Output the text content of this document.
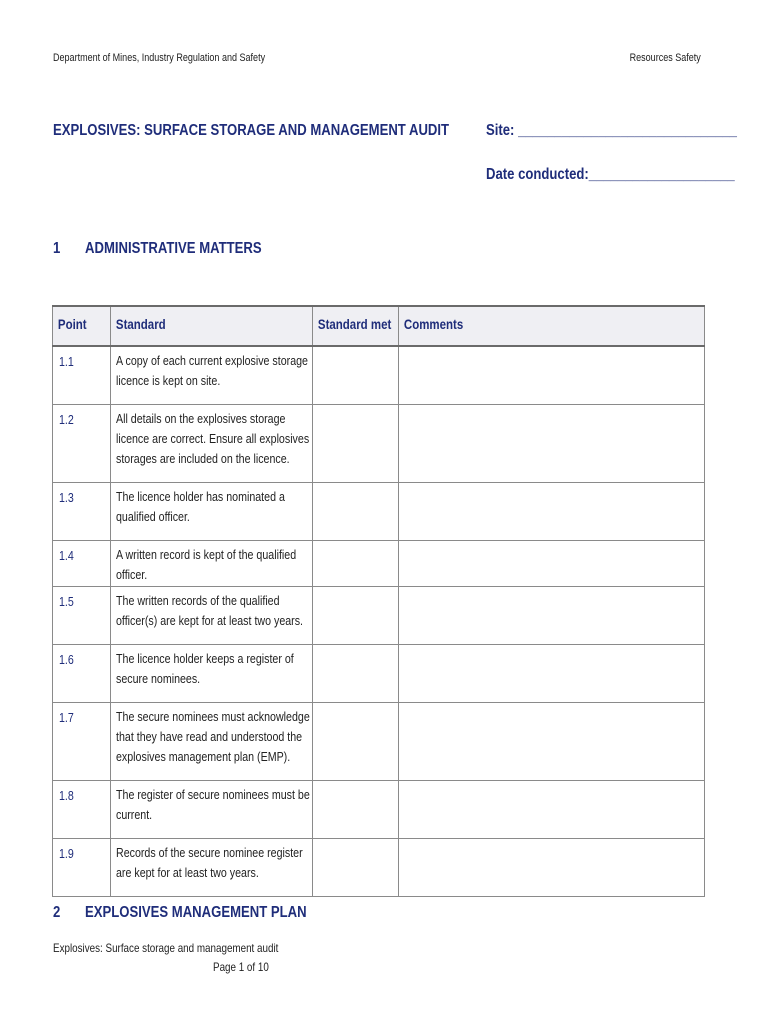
Department of Mines, Industry Regulation and Safety	Resources Safety
EXPLOSIVES: SURFACE STORAGE AND MANAGEMENT AUDIT	Site: ______________________________
Date conducted:____________________
1 ADMINISTRATIVE MATTERS
Point	Standard	Standard met	Comments
1.1	A copy of each current explosive storage licence is kept on site.		

1.2	All details on the explosives storage licence are correct. Ensure all explosives storages are included on the licence.		

1.3	The licence holder has nominated a qualified officer.		

1.4	A written record is kept of the qualified officer.		

1.5	The written records of the qualified officer(s) are kept for at least two years.		

1.6	The licence holder keeps a register of secure nominees.		

1.7	The secure nominees must acknowledge that they have read and understood the explosives management plan (EMP).		

1.8	The register of secure nominees must be current.		

1.9	Records of the secure nominee register are kept for at least two years.		

2 EXPLOSIVES MANAGEMENT PLAN
Explosives: Surface storage and management audit
Page 1 of 10
